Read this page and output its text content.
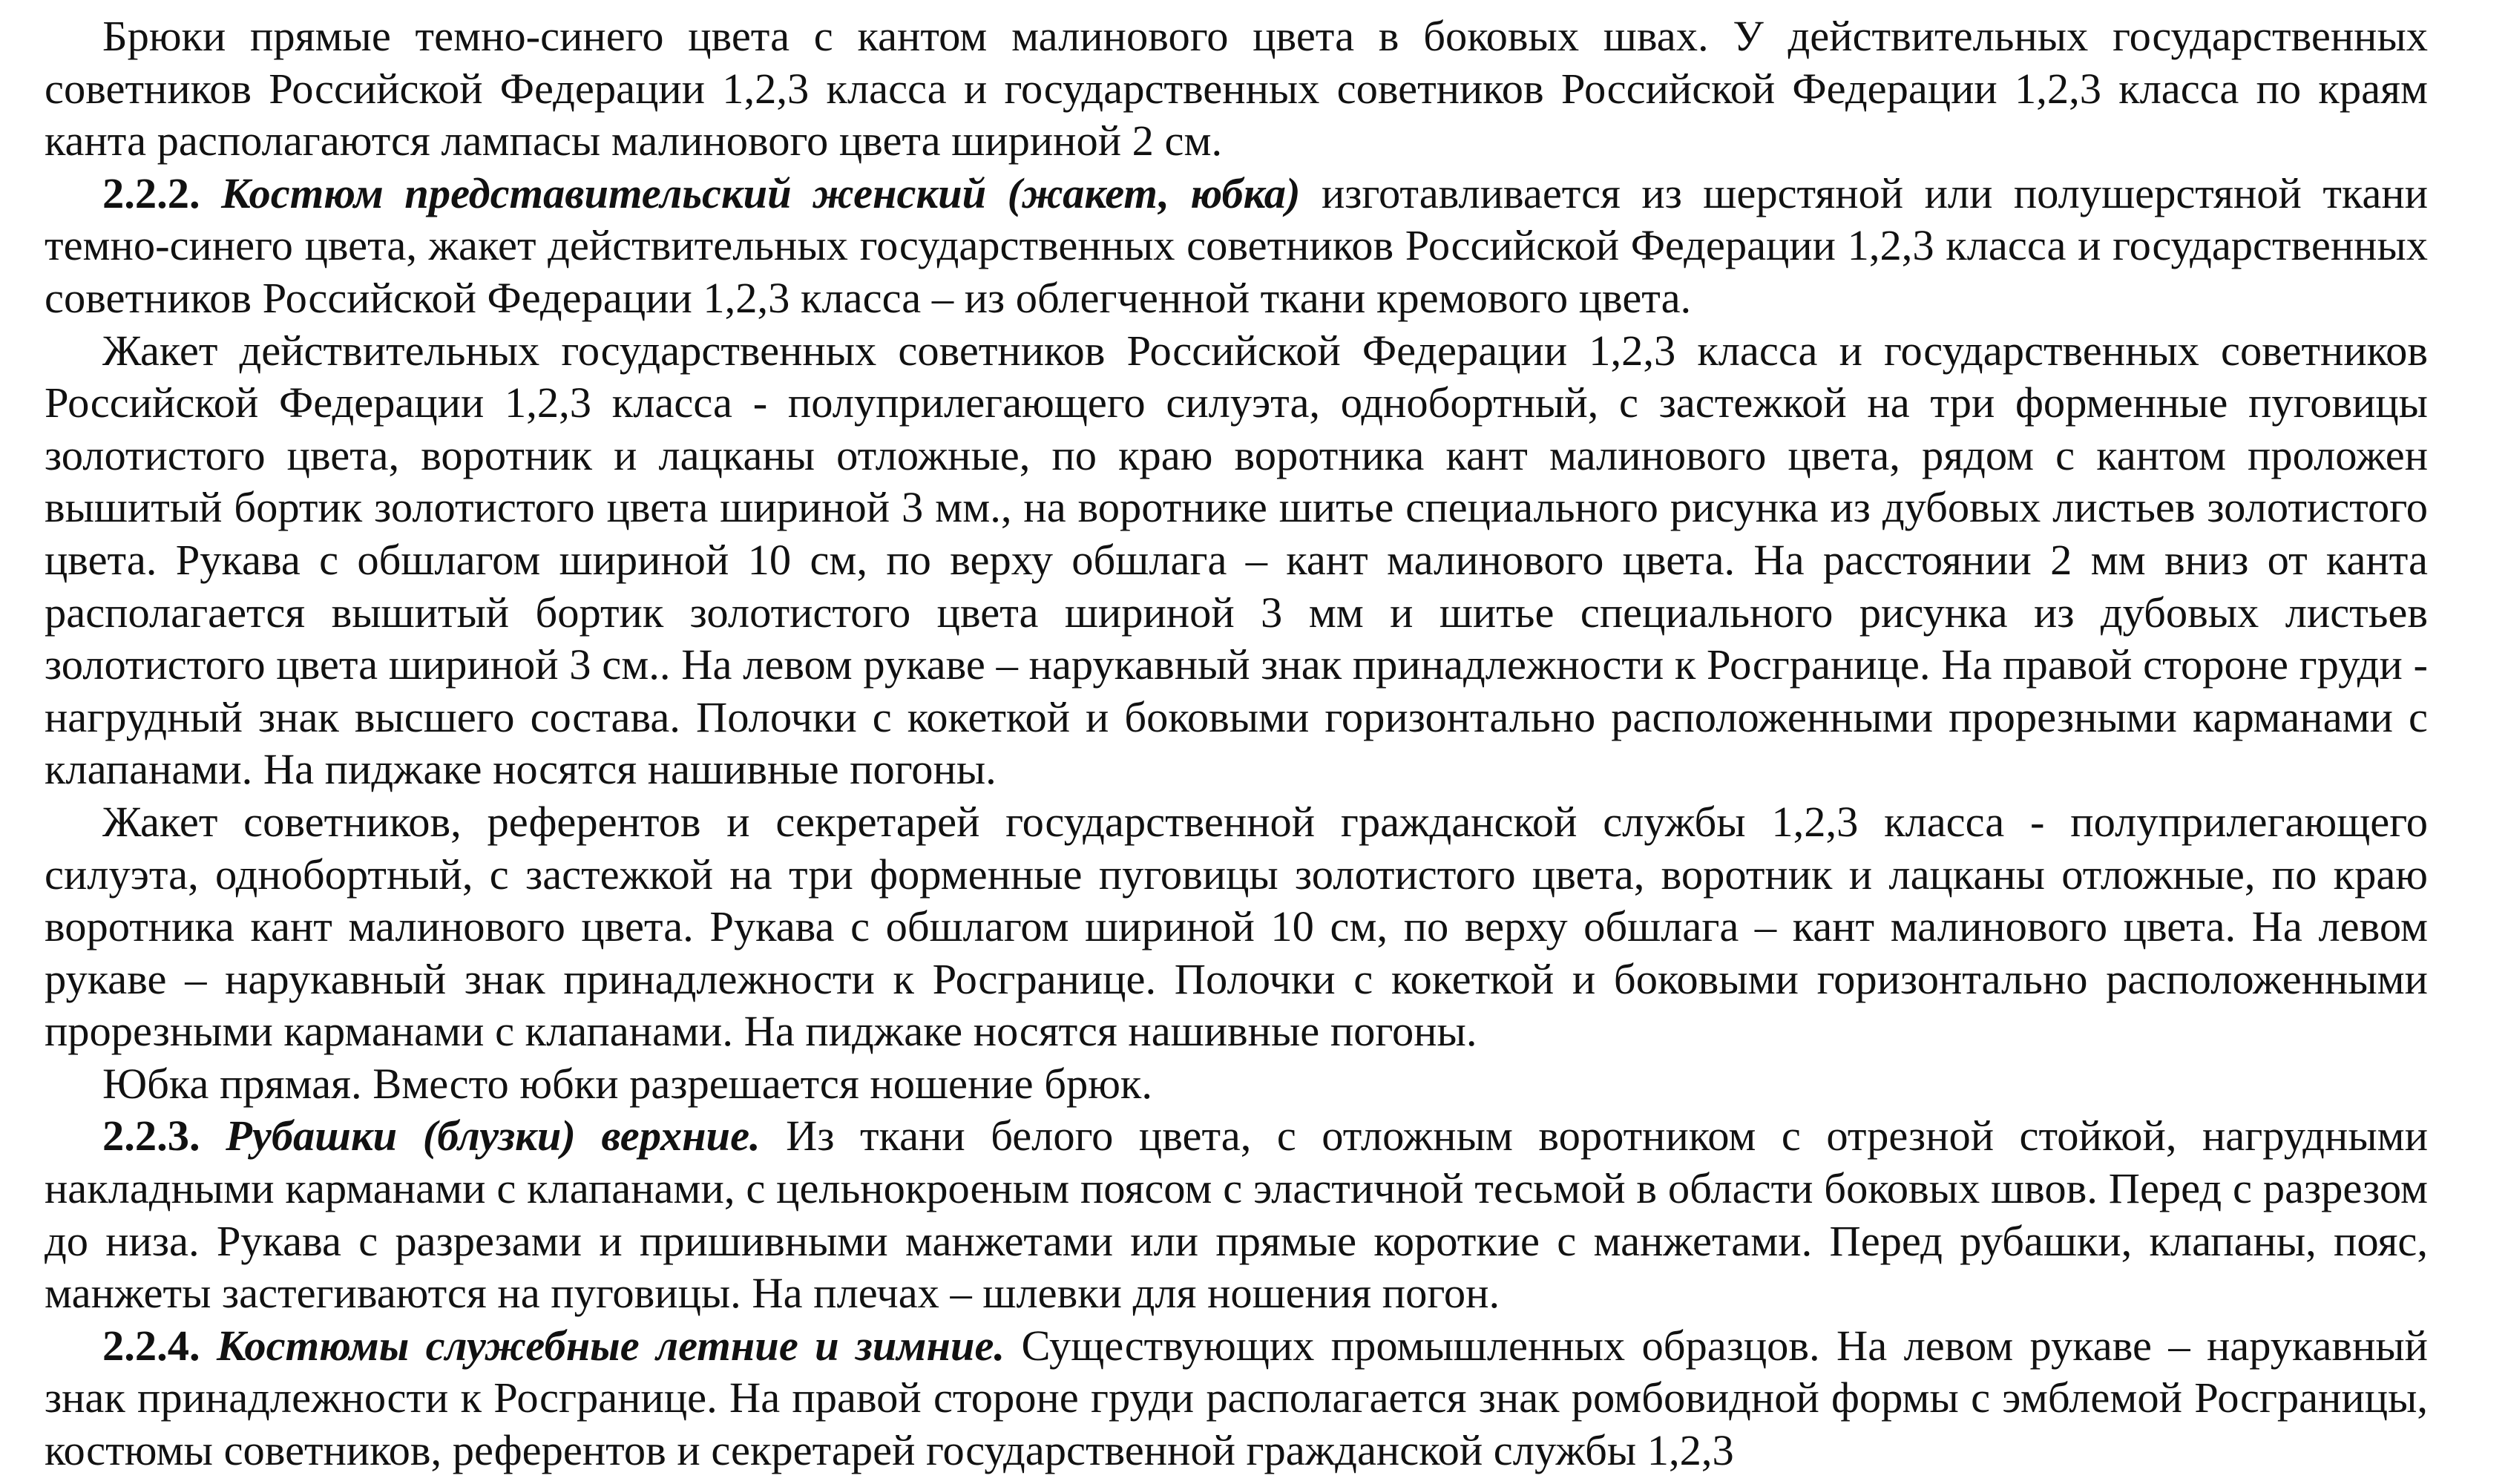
Брюки прямые темно-синего цвета с кантом малинового цвета в боковых швах. У действительных государственных советников Российской Федерации 1,2,3 класса и государственных советников Российской Федерации 1,2,3 класса по краям канта располагаются лампасы малинового цвета шириной 2 см.

2.2.2. Костюм представительский женский (жакет, юбка) изготавливается из шерстяной или полушерстяной ткани темно-синего цвета, жакет действительных государственных советников Российской Федерации 1,2,3 класса и государственных советников Российской Федерации 1,2,3 класса – из облегченной ткани кремового цвета.

Жакет действительных государственных советников Российской Федерации 1,2,3 класса и государственных советников Российской Федерации 1,2,3 класса - полуприлегающего силуэта, однобортный, с застежкой на три форменные пуговицы золотистого цвета, воротник и лацканы отложные, по краю воротника кант малинового цвета, рядом с кантом проложен вышитый бортик золотистого цвета шириной 3 мм., на воротнике шитье специального рисунка из дубовых листьев золотистого цвета. Рукава с обшлагом шириной 10 см, по верху обшлага – кант малинового цвета. На расстоянии 2 мм вниз от канта располагается вышитый бортик золотистого цвета шириной 3 мм и шитье специального рисунка из дубовых листьев золотистого цвета шириной 3 см.. На левом рукаве – нарукавный знак принадлежности к Росгранице. На правой стороне груди - нагрудный знак высшего состава. Полочки с кокеткой и боковыми горизонтально расположенными прорезными карманами с клапанами. На пиджаке носятся нашивные погоны.

Жакет советников, референтов и секретарей государственной гражданской службы 1,2,3 класса - полуприлегающего силуэта, однобортный, с застежкой на три форменные пуговицы золотистого цвета, воротник и лацканы отложные, по краю воротника кант малинового цвета. Рукава с обшлагом шириной 10 см, по верху обшлага – кант малинового цвета. На левом рукаве – нарукавный знак принадлежности к Росгранице. Полочки с кокеткой и боковыми горизонтально расположенными прорезными карманами с клапанами. На пиджаке носятся нашивные погоны.

Юбка прямая. Вместо юбки разрешается ношение брюк.

2.2.3. Рубашки (блузки) верхние. Из ткани белого цвета, с отложным воротником с отрезной стойкой, нагрудными накладными карманами с клапанами, с цельнокроеным поясом с эластичной тесьмой в области боковых швов. Перед с разрезом до низа. Рукава с разрезами и пришивными манжетами или прямые короткие с манжетами. Перед рубашки, клапаны, пояс, манжеты застегиваются на пуговицы. На плечах – шлевки для ношения погон.

2.2.4. Костюмы служебные летние и зимние. Существующих промышленных образцов. На левом рукаве – нарукавный знак принадлежности к Росгранице. На правой стороне груди располагается знак ромбовидной формы с эмблемой Росграницы, костюмы советников, референтов и секретарей государственной гражданской службы 1,2,3
